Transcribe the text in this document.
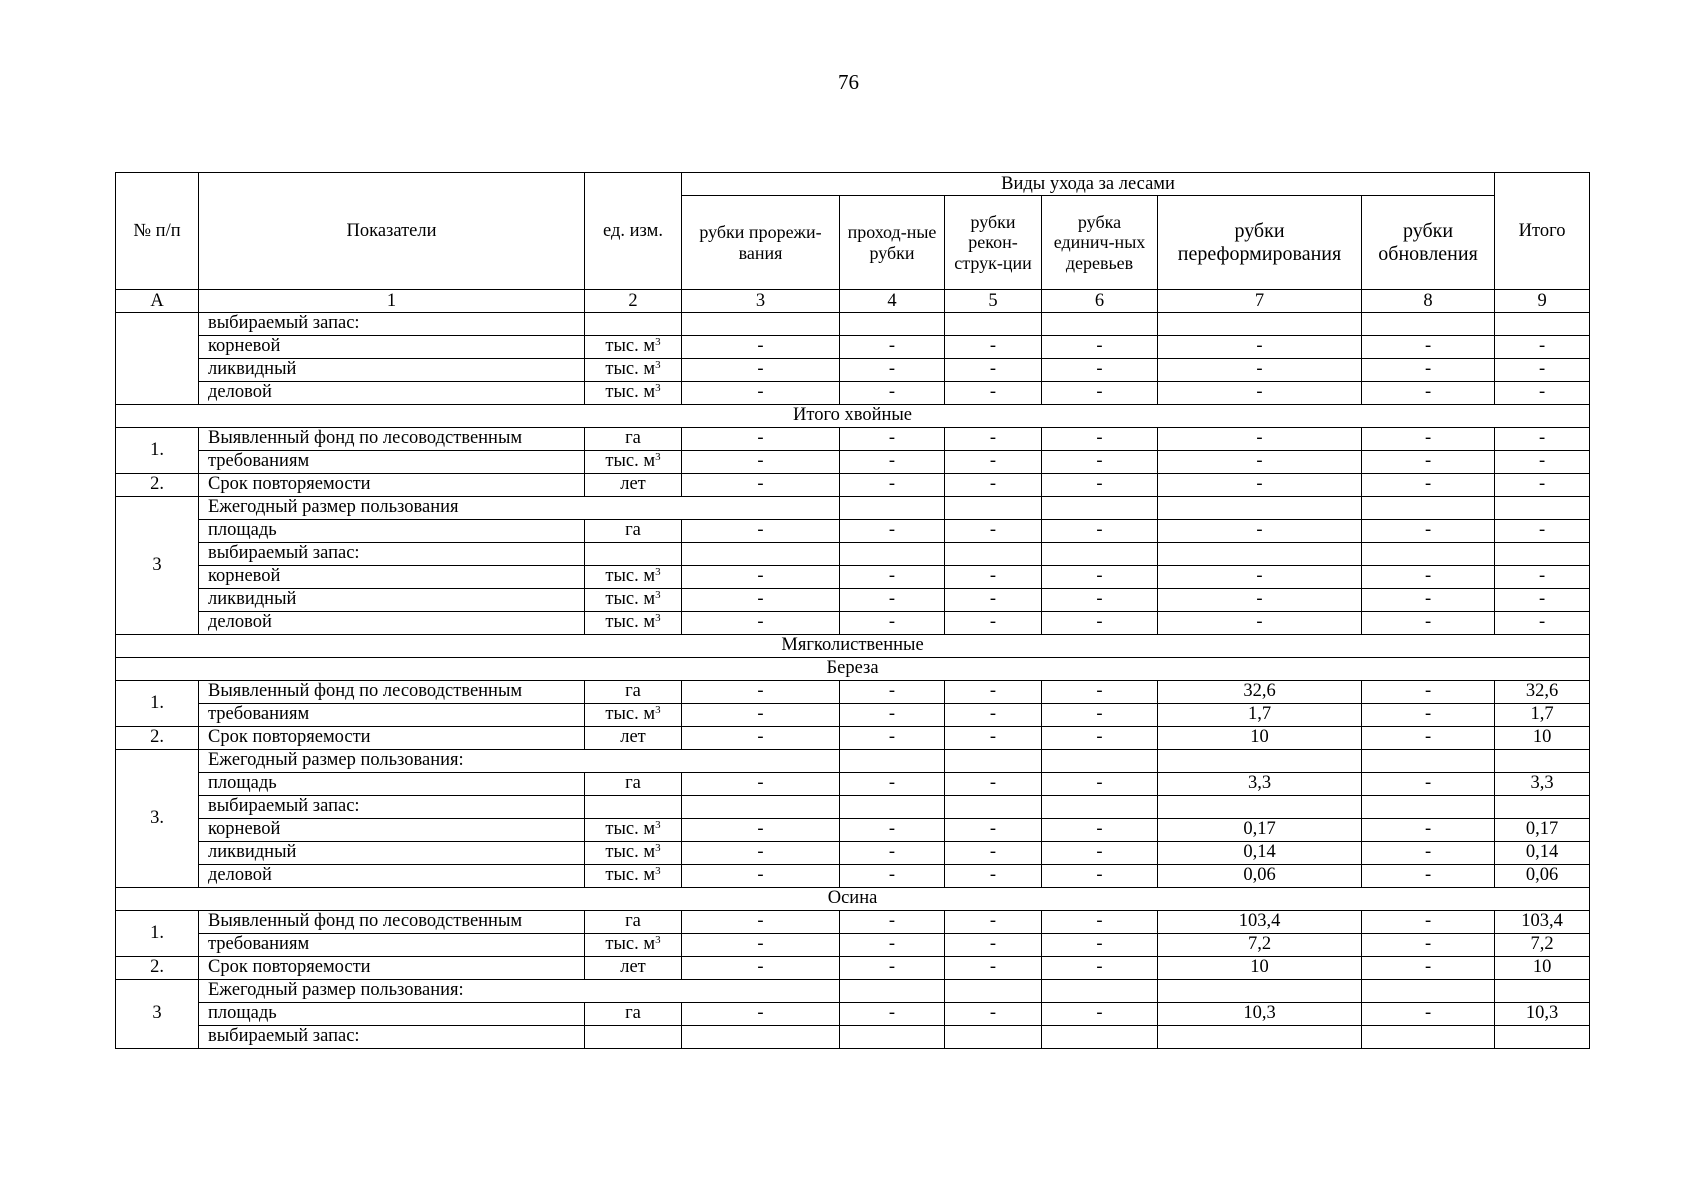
76
№ п/п	Показатели	ед. изм.	Виды ухода за лесами						Итого	
			рубки прорежи-вания	проход-ные рубки	рубки рекон-струк-ции	рубка единич-ных деревьев	рубки переформирования	рубки обновления		
А	1	2	3	4	5	6	7	8	9	
	выбираемый запас:									
	корневой	тыс. $м^3$	-	-	-	-	-	-	-	
	ликвидный	тыс. $м^3$	-	-	-	-	-	-	-	
	деловой	тыс. $м^3$	-	-	-	-	-	-	-	
Итого хвойные										
1.	Выявленный фонд по лесоводственным	га	-	-	-	-	-	-	-	
	требованиям	тыс. $м^3$	-	-	-	-	-	-	-	
2.	Срок повторяемости	лет	-	-	-	-	-	-	-	
3	Ежегодный размер пользования									
	площадь	га	-	-	-	-	-	-	-	
	выбираемый запас:									
	корневой	тыс. $м^3$	-	-	-	-	-	-	-	
	ликвидный	тыс. $м^3$	-	-	-	-	-	-	-	
	деловой	тыс. $м^3$	-	-	-	-	-	-	-	
Мягколиственные										
Береза										
1.	Выявленный фонд по лесоводственным	га	-	-	-	-	32,6	-	32,6	
	требованиям	тыс. $м^3$	-	-	-	-	1,7	-	1,7	
2.	Срок повторяемости	лет	-	-	-	-	10	-	10	
3.	Ежегодный размер пользования:									
	площадь	га	-	-	-	-	3,3	-	3,3	
	выбираемый запас:									
	корневой	тыс. $м^3$	-	-	-	-	0,17	-	0,17	
	ликвидный	тыс. $м^3$	-	-	-	-	0,14	-	0,14	
	деловой	тыс. $м^3$	-	-	-	-	0,06	-	0,06	
Осина										
1.	Выявленный фонд по лесоводственным	га	-	-	-	-	103,4	-	103,4	
	требованиям	тыс. $м^3$	-	-	-	-	7,2	-	7,2	
2.	Срок повторяемости	лет	-	-	-	-	10	-	10	
3	Ежегодный размер пользования:									
	площадь	га	-	-	-	-	10,3	-	10,3	
	выбираемый запас:									
